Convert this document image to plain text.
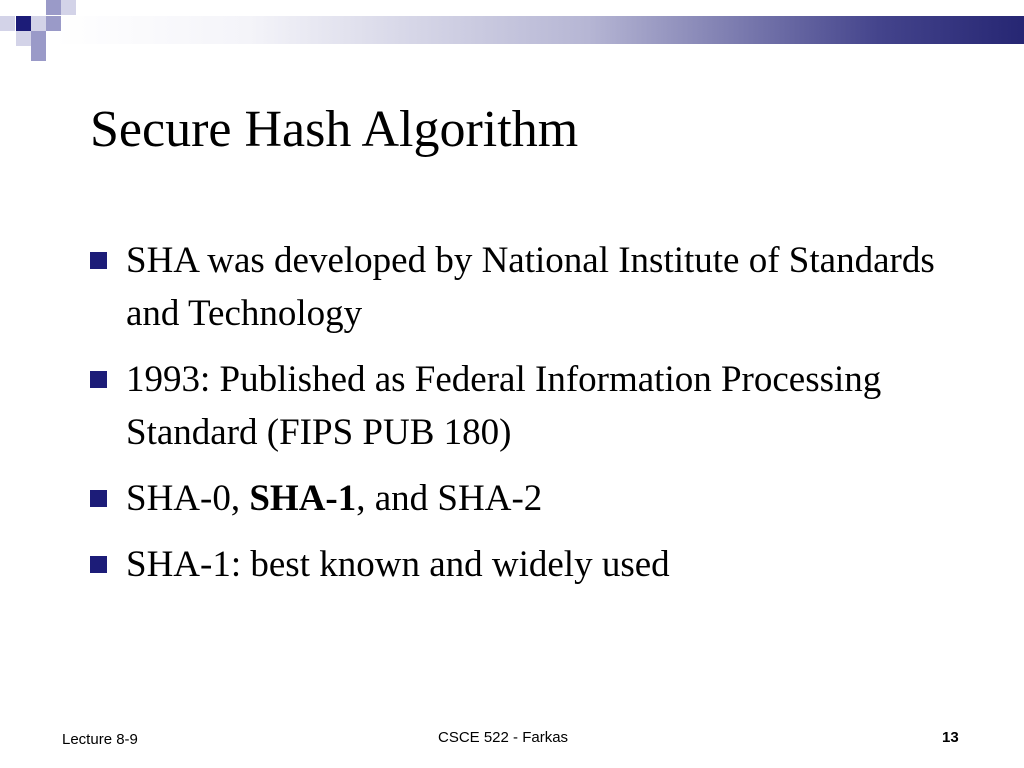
Secure Hash Algorithm
SHA was developed by National Institute of Standards and Technology
1993: Published as Federal Information Processing Standard (FIPS PUB 180)
SHA-0, SHA-1, and SHA-2
SHA-1: best known and widely used
Lecture 8-9	CSCE 522 - Farkas	13
